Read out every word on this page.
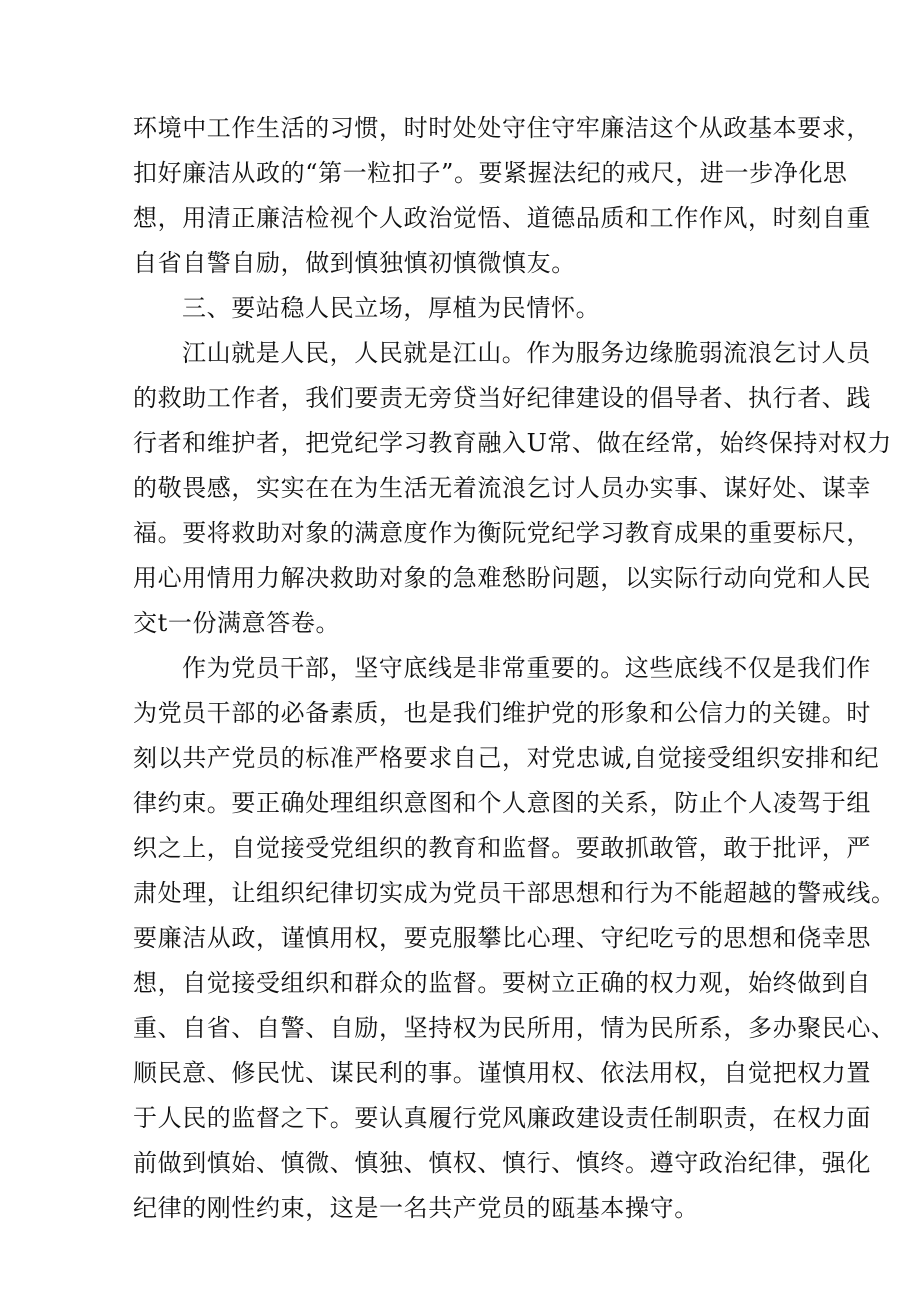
环境中工作生活的习惯，时时处处守住守牢廉洁这个从政基本要求，
扣好廉洁从政的“第一粒扣子”。要紧握法纪的戒尺，进一步净化思
想，用清正廉洁检视个人政治觉悟、道德品质和工作作风，时刻自重
自省自警自励，做到慎独慎初慎微慎友。
三、要站稳人民立场，厚植为民情怀。
江山就是人民，人民就是江山。作为服务边缘脆弱流浪乞讨人员
的救助工作者，我们要责无旁贷当好纪律建设的倡导者、执行者、践
行者和维护者，把党纪学习教育融入U常、做在经常，始终保持对权力
的敬畏感，实实在在为生活无着流浪乞讨人员办实事、谋好处、谋幸
福。要将救助对象的满意度作为衡阮党纪学习教育成果的重要标尺，
用心用情用力解决救助对象的急难愁盼问题，以实际行动向党和人民
交t一份满意答卷。
作为党员干部，坚守底线是非常重要的。这些底线不仅是我们作
为党员干部的必备素质，也是我们维护党的形象和公信力的关键。时
刻以共产党员的标准严格要求自己，对党忠诚,自觉接受组织安排和纪
律约束。要正确处理组织意图和个人意图的关系，防止个人凌驾于组
织之上，自觉接受党组织的教育和监督。要敢抓敢管，敢于批评，严
肃处理，让组织纪律切实成为党员干部思想和行为不能超越的警戒线。
要廉洁从政，谨慎用权，要克服攀比心理、守纪吃亏的思想和侥幸思
想，自觉接受组织和群众的监督。要树立正确的权力观，始终做到自
重、自省、自警、自励，坚持权为民所用，情为民所系，多办聚民心、
顺民意、修民忧、谋民利的事。谨慎用权、依法用权，自觉把权力置
于人民的监督之下。要认真履行党风廉政建设责任制职责，在权力面
前做到慎始、慎微、慎独、慎权、慎行、慎终。遵守政治纪律，强化
纪律的刚性约束，这是一名共产党员的瓯基本操守。
